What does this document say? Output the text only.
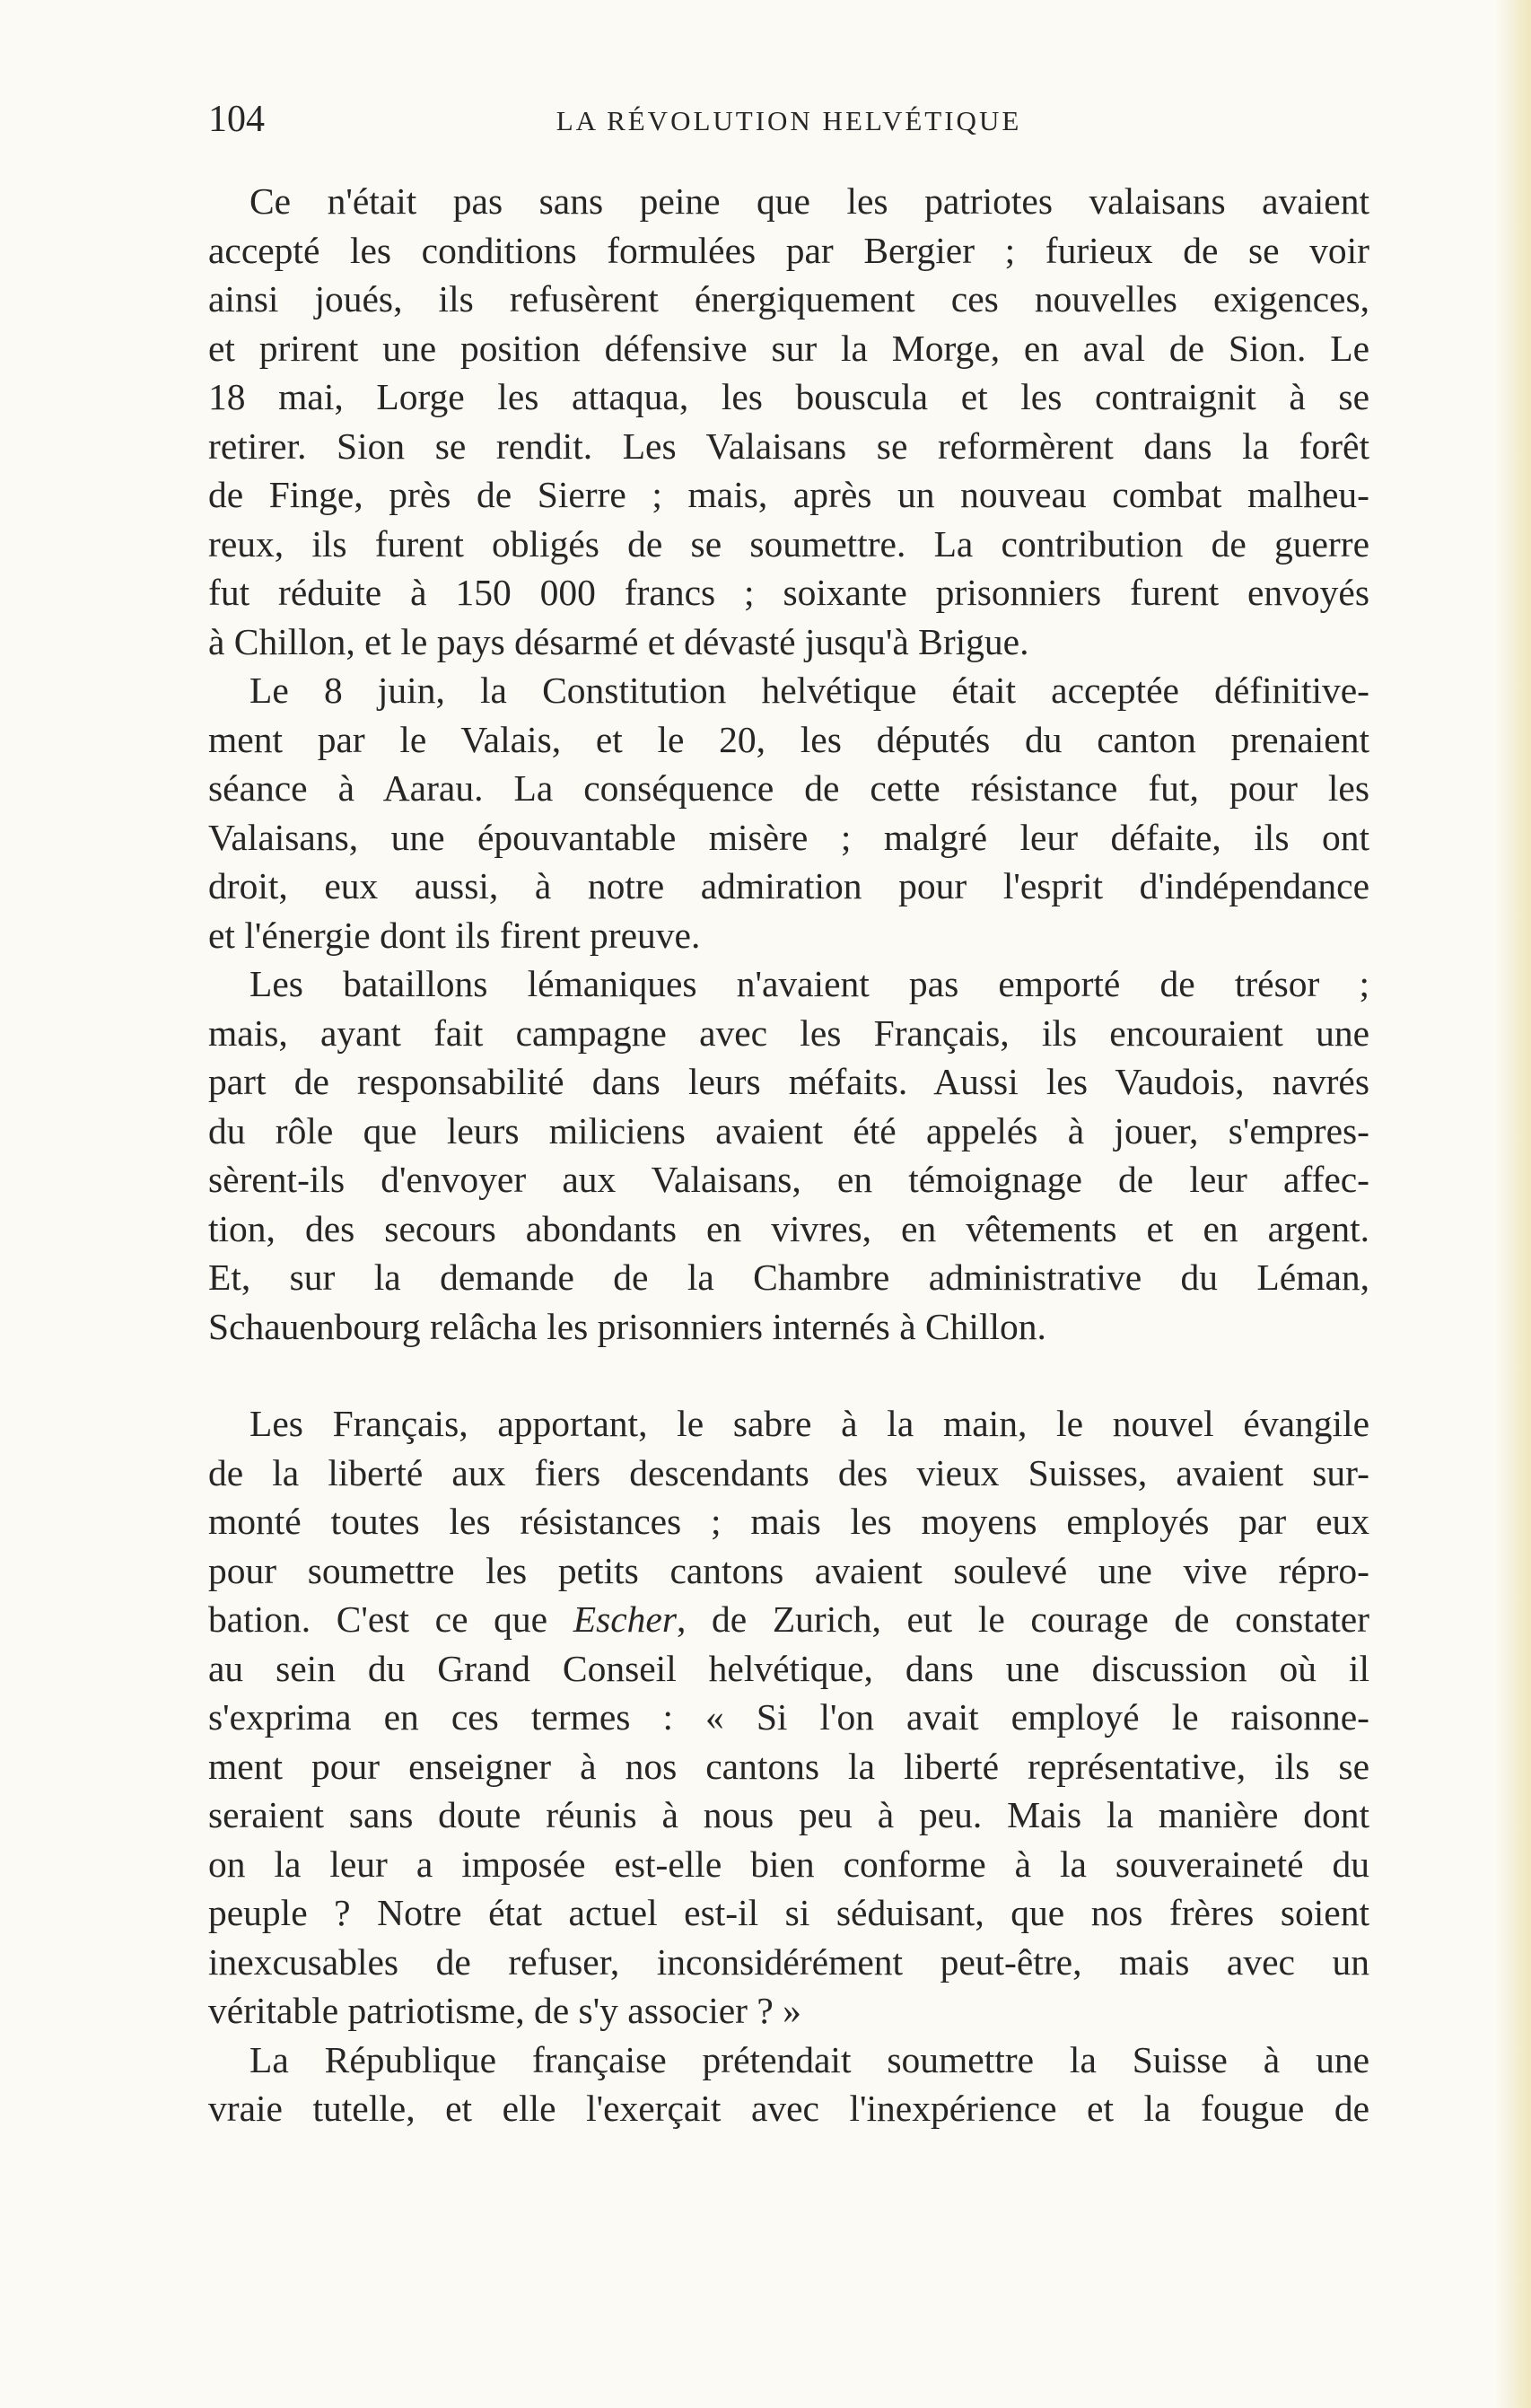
104	LA RÉVOLUTION HELVÉTIQUE
Ce n'était pas sans peine que les patriotes valaisans avaient
accepté les conditions formulées par Bergier ; furieux de se voir
ainsi joués, ils refusèrent énergiquement ces nouvelles exigences,
et prirent une position défensive sur la Morge, en aval de Sion. Le
18 mai, Lorge les attaqua, les bouscula et les contraignit à se
retirer. Sion se rendit. Les Valaisans se reformèrent dans la forêt
de Finge, près de Sierre ; mais, après un nouveau combat malheu-
reux, ils furent obligés de se soumettre. La contribution de guerre
fut réduite à 150 000 francs ; soixante prisonniers furent envoyés
à Chillon, et le pays désarmé et dévasté jusqu'à Brigue.
Le 8 juin, la Constitution helvétique était acceptée définitive-
ment par le Valais, et le 20, les députés du canton prenaient
séance à Aarau. La conséquence de cette résistance fut, pour les
Valaisans, une épouvantable misère ; malgré leur défaite, ils ont
droit, eux aussi, à notre admiration pour l'esprit d'indépendance
et l'énergie dont ils firent preuve.
Les bataillons lémaniques n'avaient pas emporté de trésor ;
mais, ayant fait campagne avec les Français, ils encouraient une
part de responsabilité dans leurs méfaits. Aussi les Vaudois, navrés
du rôle que leurs miliciens avaient été appelés à jouer, s'empres-
sèrent-ils d'envoyer aux Valaisans, en témoignage de leur affec-
tion, des secours abondants en vivres, en vêtements et en argent.
Et, sur la demande de la Chambre administrative du Léman,
Schauenbourg relâcha les prisonniers internés à Chillon.
Les Français, apportant, le sabre à la main, le nouvel évangile
de la liberté aux fiers descendants des vieux Suisses, avaient sur-
monté toutes les résistances ; mais les moyens employés par eux
pour soumettre les petits cantons avaient soulevé une vive répro-
bation. C'est ce que Escher, de Zurich, eut le courage de constater
au sein du Grand Conseil helvétique, dans une discussion où il
s'exprima en ces termes : « Si l'on avait employé le raisonne-
ment pour enseigner à nos cantons la liberté représentative, ils se
seraient sans doute réunis à nous peu à peu. Mais la manière dont
on la leur a imposée est-elle bien conforme à la souveraineté du
peuple ? Notre état actuel est-il si séduisant, que nos frères soient
inexcusables de refuser, inconsidérément peut-être, mais avec un
véritable patriotisme, de s'y associer ? »
La République française prétendait soumettre la Suisse à une
vraie tutelle, et elle l'exerçait avec l'inexpérience et la fougue de
